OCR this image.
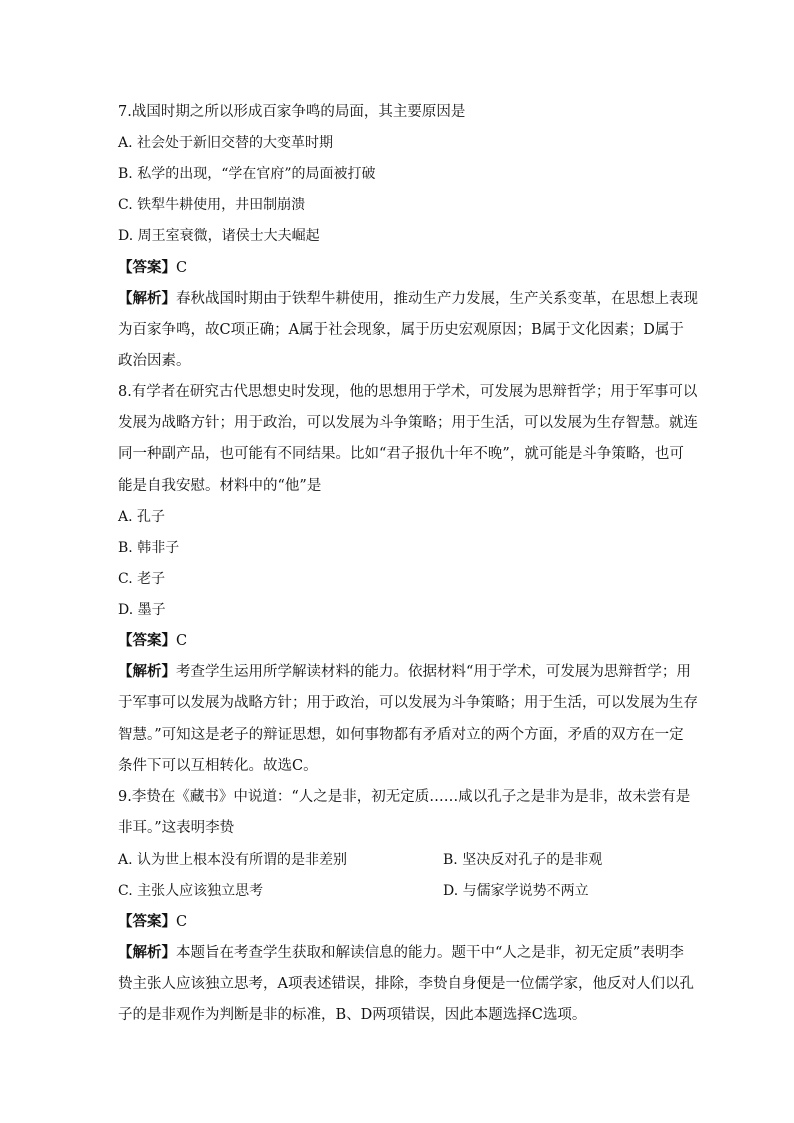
7.战国时期之所以形成百家争鸣的局面，其主要原因是
A. 社会处于新旧交替的大变革时期
B. 私学的出现，“学在官府”的局面被打破
C. 铁犁牛耕使用，井田制崩溃
D. 周王室衰微，诸侯士大夫崛起
【答案】C
【解析】春秋战国时期由于铁犁牛耕使用，推动生产力发展，生产关系变革，在思想上表现
为百家争鸣，故C项正确；A属于社会现象，属于历史宏观原因；B属于文化因素；D属于
政治因素。
8.有学者在研究古代思想史时发现，他的思想用于学术，可发展为思辩哲学；用于军事可以
发展为战略方针；用于政治，可以发展为斗争策略；用于生活，可以发展为生存智慧。就连
同一种副产品，也可能有不同结果。比如“君子报仇十年不晚”，就可能是斗争策略，也可
能是自我安慰。材料中的“他”是
A. 孔子
B. 韩非子
C. 老子
D. 墨子
【答案】C
【解析】考查学生运用所学解读材料的能力。依据材料“用于学术，可发展为思辩哲学；用
于军事可以发展为战略方针；用于政治，可以发展为斗争策略；用于生活，可以发展为生存
智慧。”可知这是老子的辩证思想，如何事物都有矛盾对立的两个方面，矛盾的双方在一定
条件下可以互相转化。故选C。
9.李贽在《藏书》中说道：“人之是非，初无定质……咸以孔子之是非为是非，故未尝有是
非耳。”这表明李贽
A. 认为世上根本没有所谓的是非差别	B. 坚决反对孔子的是非观
C. 主张人应该独立思考	D. 与儒家学说势不两立
【答案】C
【解析】本题旨在考查学生获取和解读信息的能力。题干中“人之是非，初无定质”表明李
贽主张人应该独立思考，A项表述错误，排除，李贽自身便是一位儒学家，他反对人们以孔
子的是非观作为判断是非的标准，B、D两项错误，因此本题选择C选项。
